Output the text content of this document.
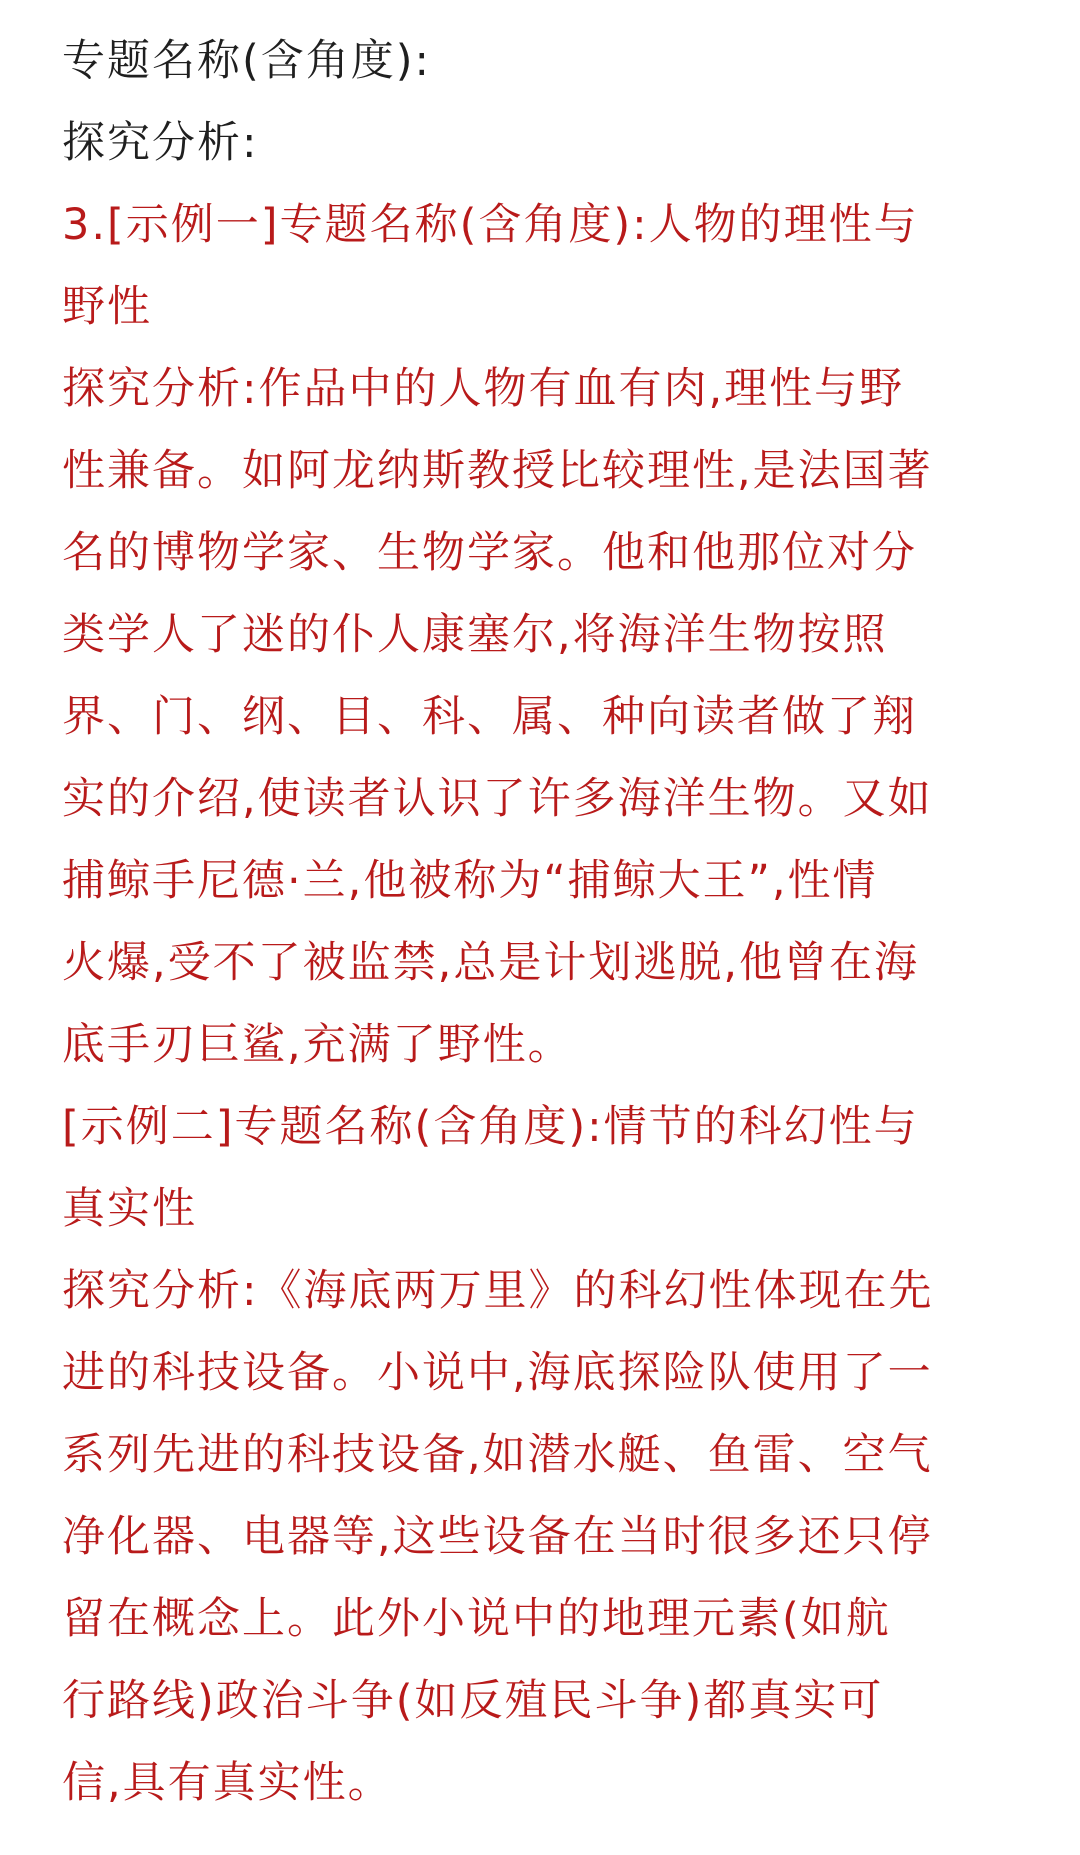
专题名称(含角度):
探究分析:
3.[示例一]专题名称(含角度):人物的理性与
野性
探究分析:作品中的人物有血有肉,理性与野
性兼备。如阿龙纳斯教授比较理性,是法国著
名的博物学家、生物学家。他和他那位对分
类学人了迷的仆人康塞尔,将海洋生物按照
界、门、纲、目、科、属、种向读者做了翔
实的介绍,使读者认识了许多海洋生物。又如
捕鲸手尼德·兰,他被称为“捕鲸大王”,性情
火爆,受不了被监禁,总是计划逃脱,他曾在海
底手刃巨鲨,充满了野性。
[示例二]专题名称(含角度):情节的科幻性与
真实性
探究分析:《海底两万里》的科幻性体现在先
进的科技设备。小说中,海底探险队使用了一
系列先进的科技设备,如潜水艇、鱼雷、空气
净化器、电器等,这些设备在当时很多还只停
留在概念上。此外小说中的地理元素(如航
行路线)政治斗争(如反殖民斗争)都真实可
信,具有真实性。
